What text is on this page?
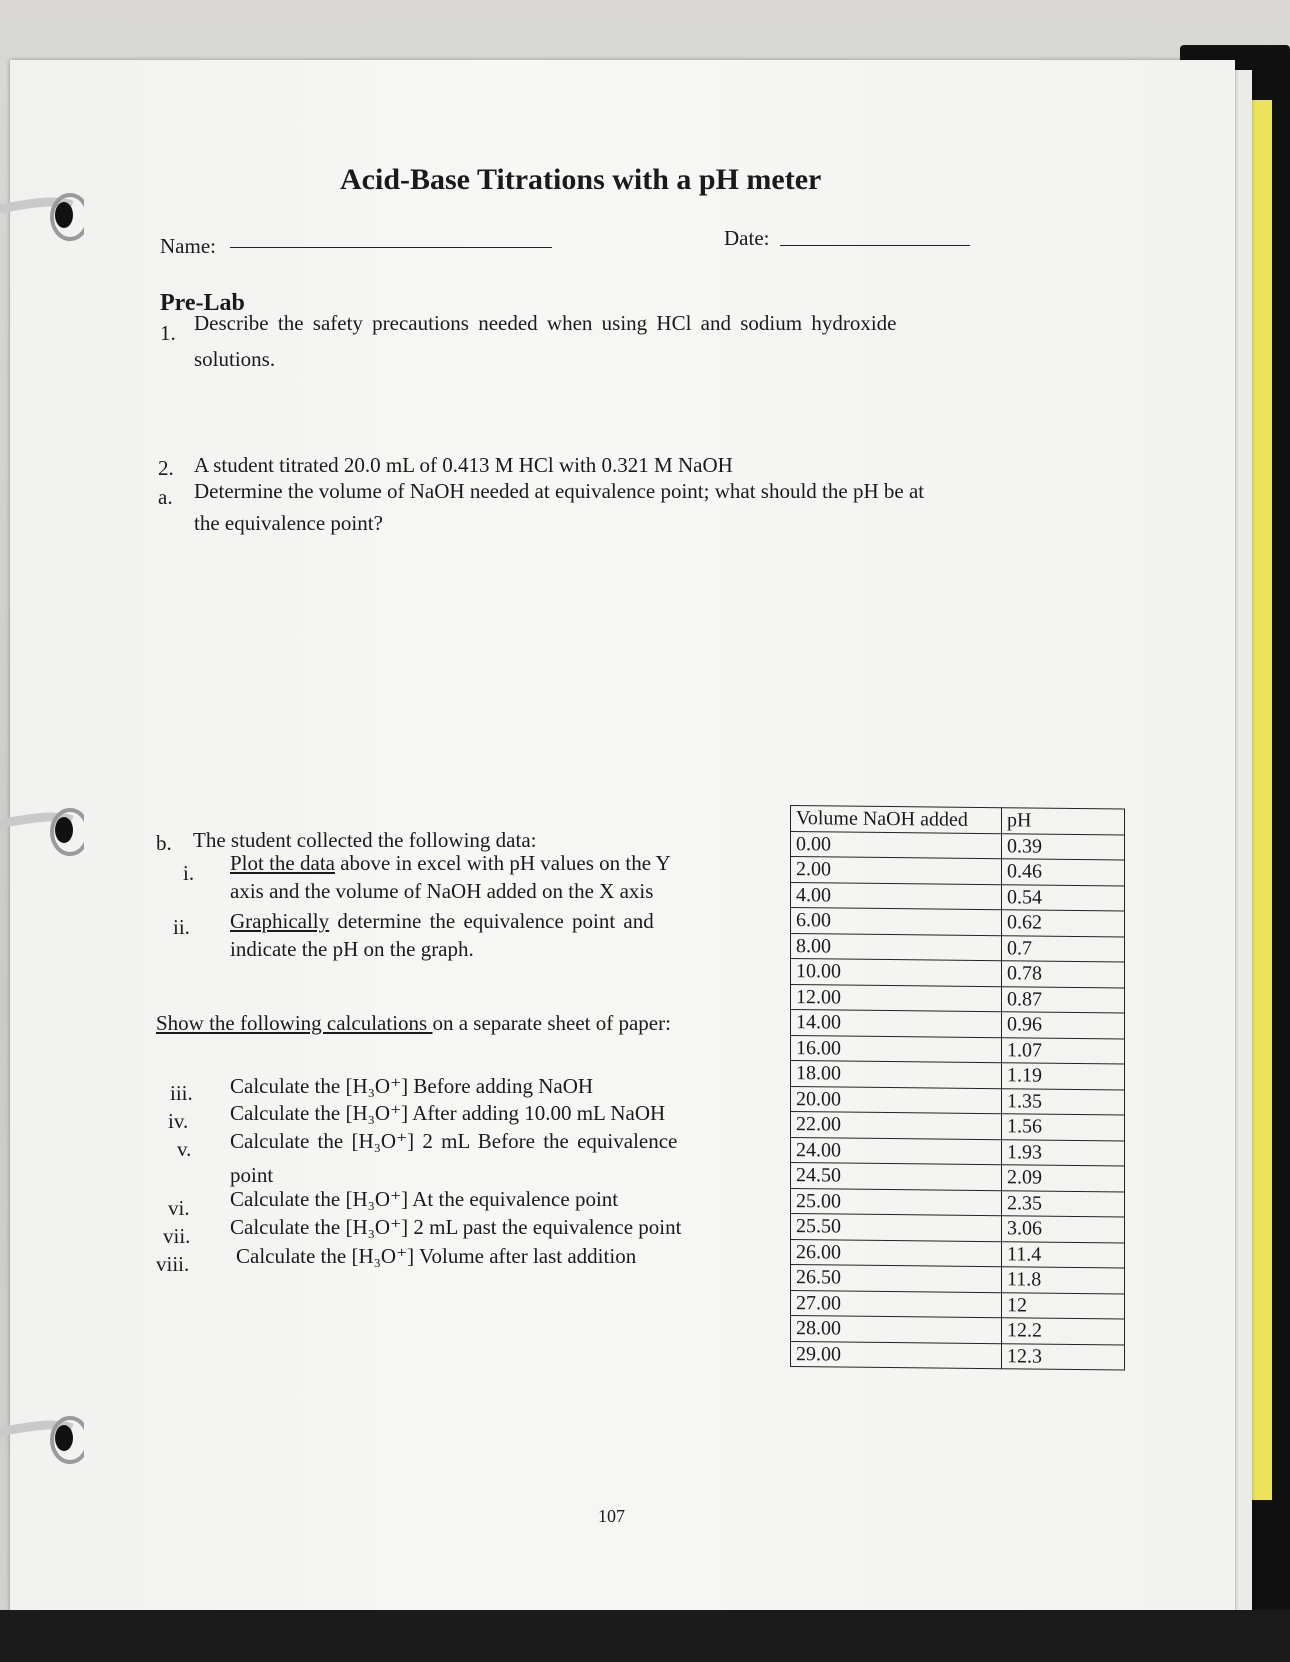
Acid-Base Titrations with a pH meter
Name:	Date:
Pre-Lab
1. Describe the safety precautions needed when using HCl and sodium hydroxide
solutions.
2. A student titrated 20.0 mL of 0.413 M HCl with 0.321 M NaOH
a. Determine the volume of NaOH needed at equivalence point; what should the pH be at
the equivalence point?
b. The student collected the following data:
i. Plot the data above in excel with pH values on the Y
axis and the volume of NaOH added on the X axis
ii. Graphically determine the equivalence point and
indicate the pH on the graph.
Show the following calculations on a separate sheet of paper:
iii. Calculate the [H₃O⁺] Before adding NaOH
iv. Calculate the [H₃O⁺] After adding 10.00 mL NaOH
v. Calculate the [H₃O⁺] 2 mL Before the equivalence
point
vi. Calculate the [H₃O⁺] At the equivalence point
vii. Calculate the [H₃O⁺] 2 mL past the equivalence point
viii. Calculate the [H₃O⁺] Volume after last addition
Volume NaOH added	pH
0.00	0.39
2.00	0.46
4.00	0.54
6.00	0.62
8.00	0.7
10.00	0.78
12.00	0.87
14.00	0.96
16.00	1.07
18.00	1.19
20.00	1.35
22.00	1.56
24.00	1.93
24.50	2.09
25.00	2.35
25.50	3.06
26.00	11.4
26.50	11.8
27.00	12
28.00	12.2
29.00	12.3
107
